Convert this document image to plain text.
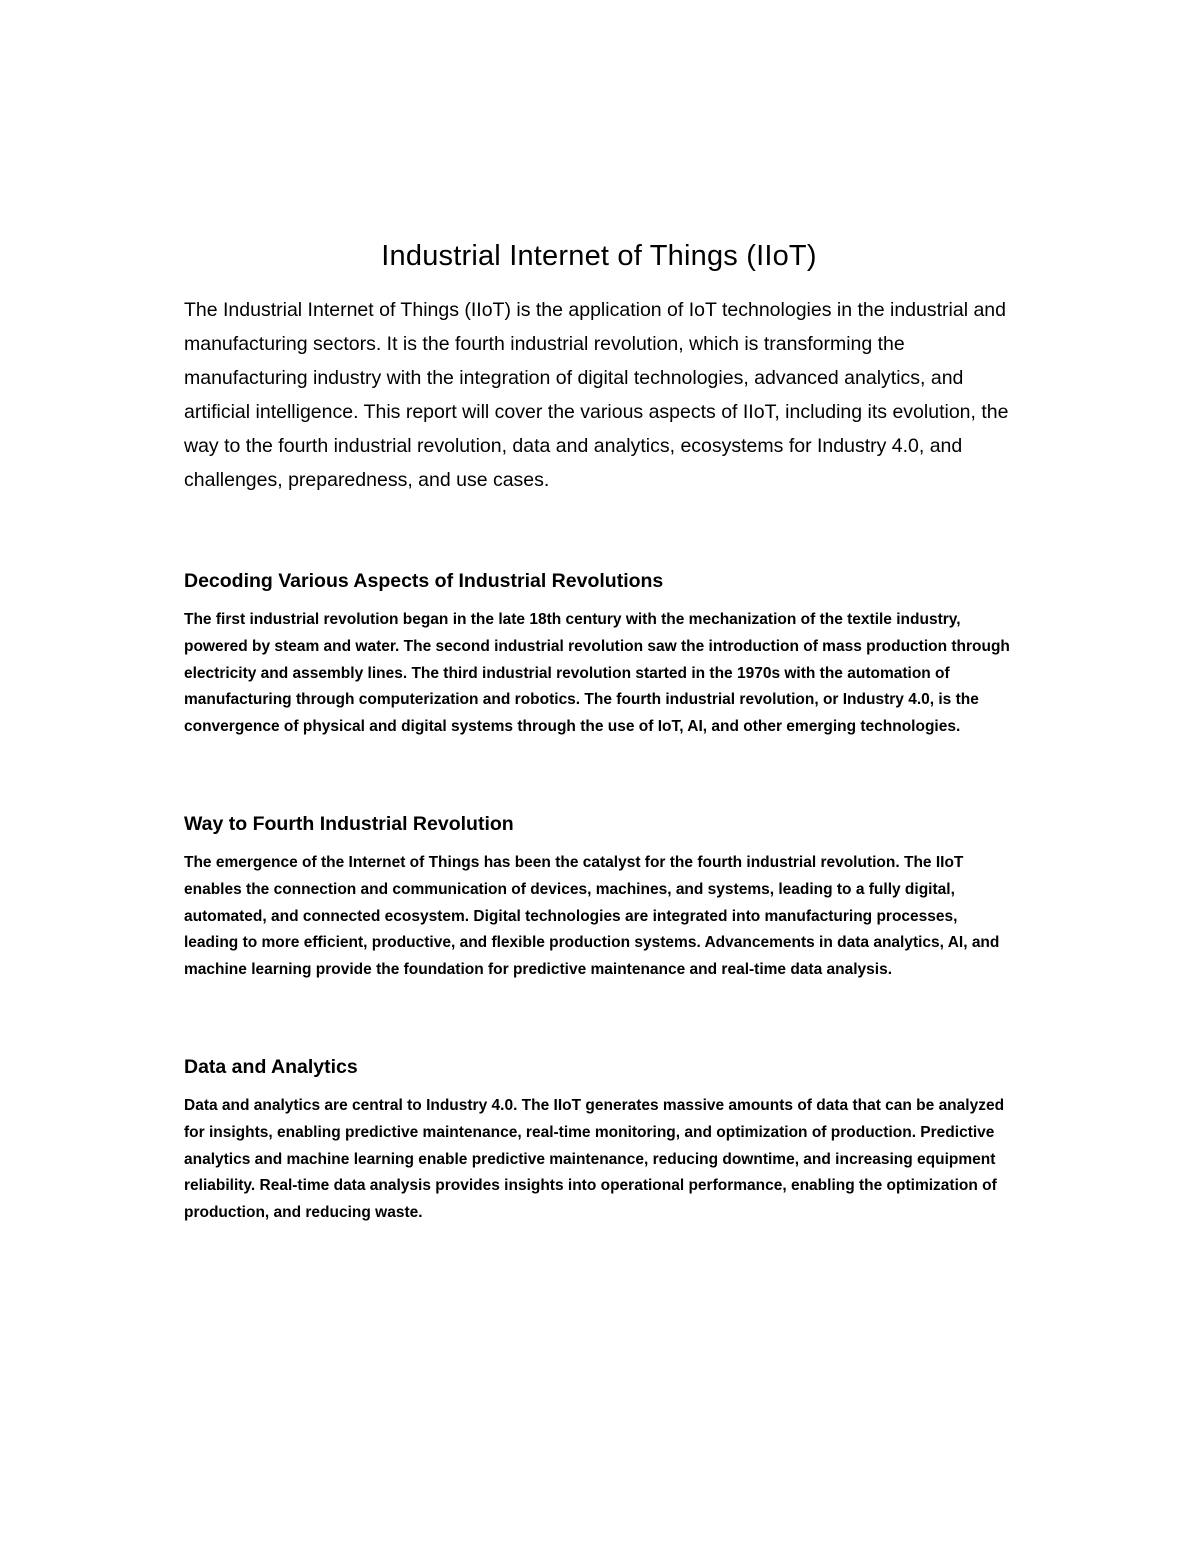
Industrial Internet of Things (IIoT)

The Industrial Internet of Things (IIoT) is the application of IoT technologies in the industrial and manufacturing sectors. It is the fourth industrial revolution, which is transforming the manufacturing industry with the integration of digital technologies, advanced analytics, and artificial intelligence. This report will cover the various aspects of IIoT, including its evolution, the way to the fourth industrial revolution, data and analytics, ecosystems for Industry 4.0, and challenges, preparedness, and use cases.

Decoding Various Aspects of Industrial Revolutions

The first industrial revolution began in the late 18th century with the mechanization of the textile industry, powered by steam and water. The second industrial revolution saw the introduction of mass production through electricity and assembly lines. The third industrial revolution started in the 1970s with the automation of manufacturing through computerization and robotics. The fourth industrial revolution, or Industry 4.0, is the convergence of physical and digital systems through the use of IoT, AI, and other emerging technologies.

Way to Fourth Industrial Revolution

The emergence of the Internet of Things has been the catalyst for the fourth industrial revolution. The IIoT enables the connection and communication of devices, machines, and systems, leading to a fully digital, automated, and connected ecosystem. Digital technologies are integrated into manufacturing processes, leading to more efficient, productive, and flexible production systems. Advancements in data analytics, AI, and machine learning provide the foundation for predictive maintenance and real-time data analysis.

Data and Analytics

Data and analytics are central to Industry 4.0. The IIoT generates massive amounts of data that can be analyzed for insights, enabling predictive maintenance, real-time monitoring, and optimization of production. Predictive analytics and machine learning enable predictive maintenance, reducing downtime, and increasing equipment reliability. Real-time data analysis provides insights into operational performance, enabling the optimization of production, and reducing waste.
